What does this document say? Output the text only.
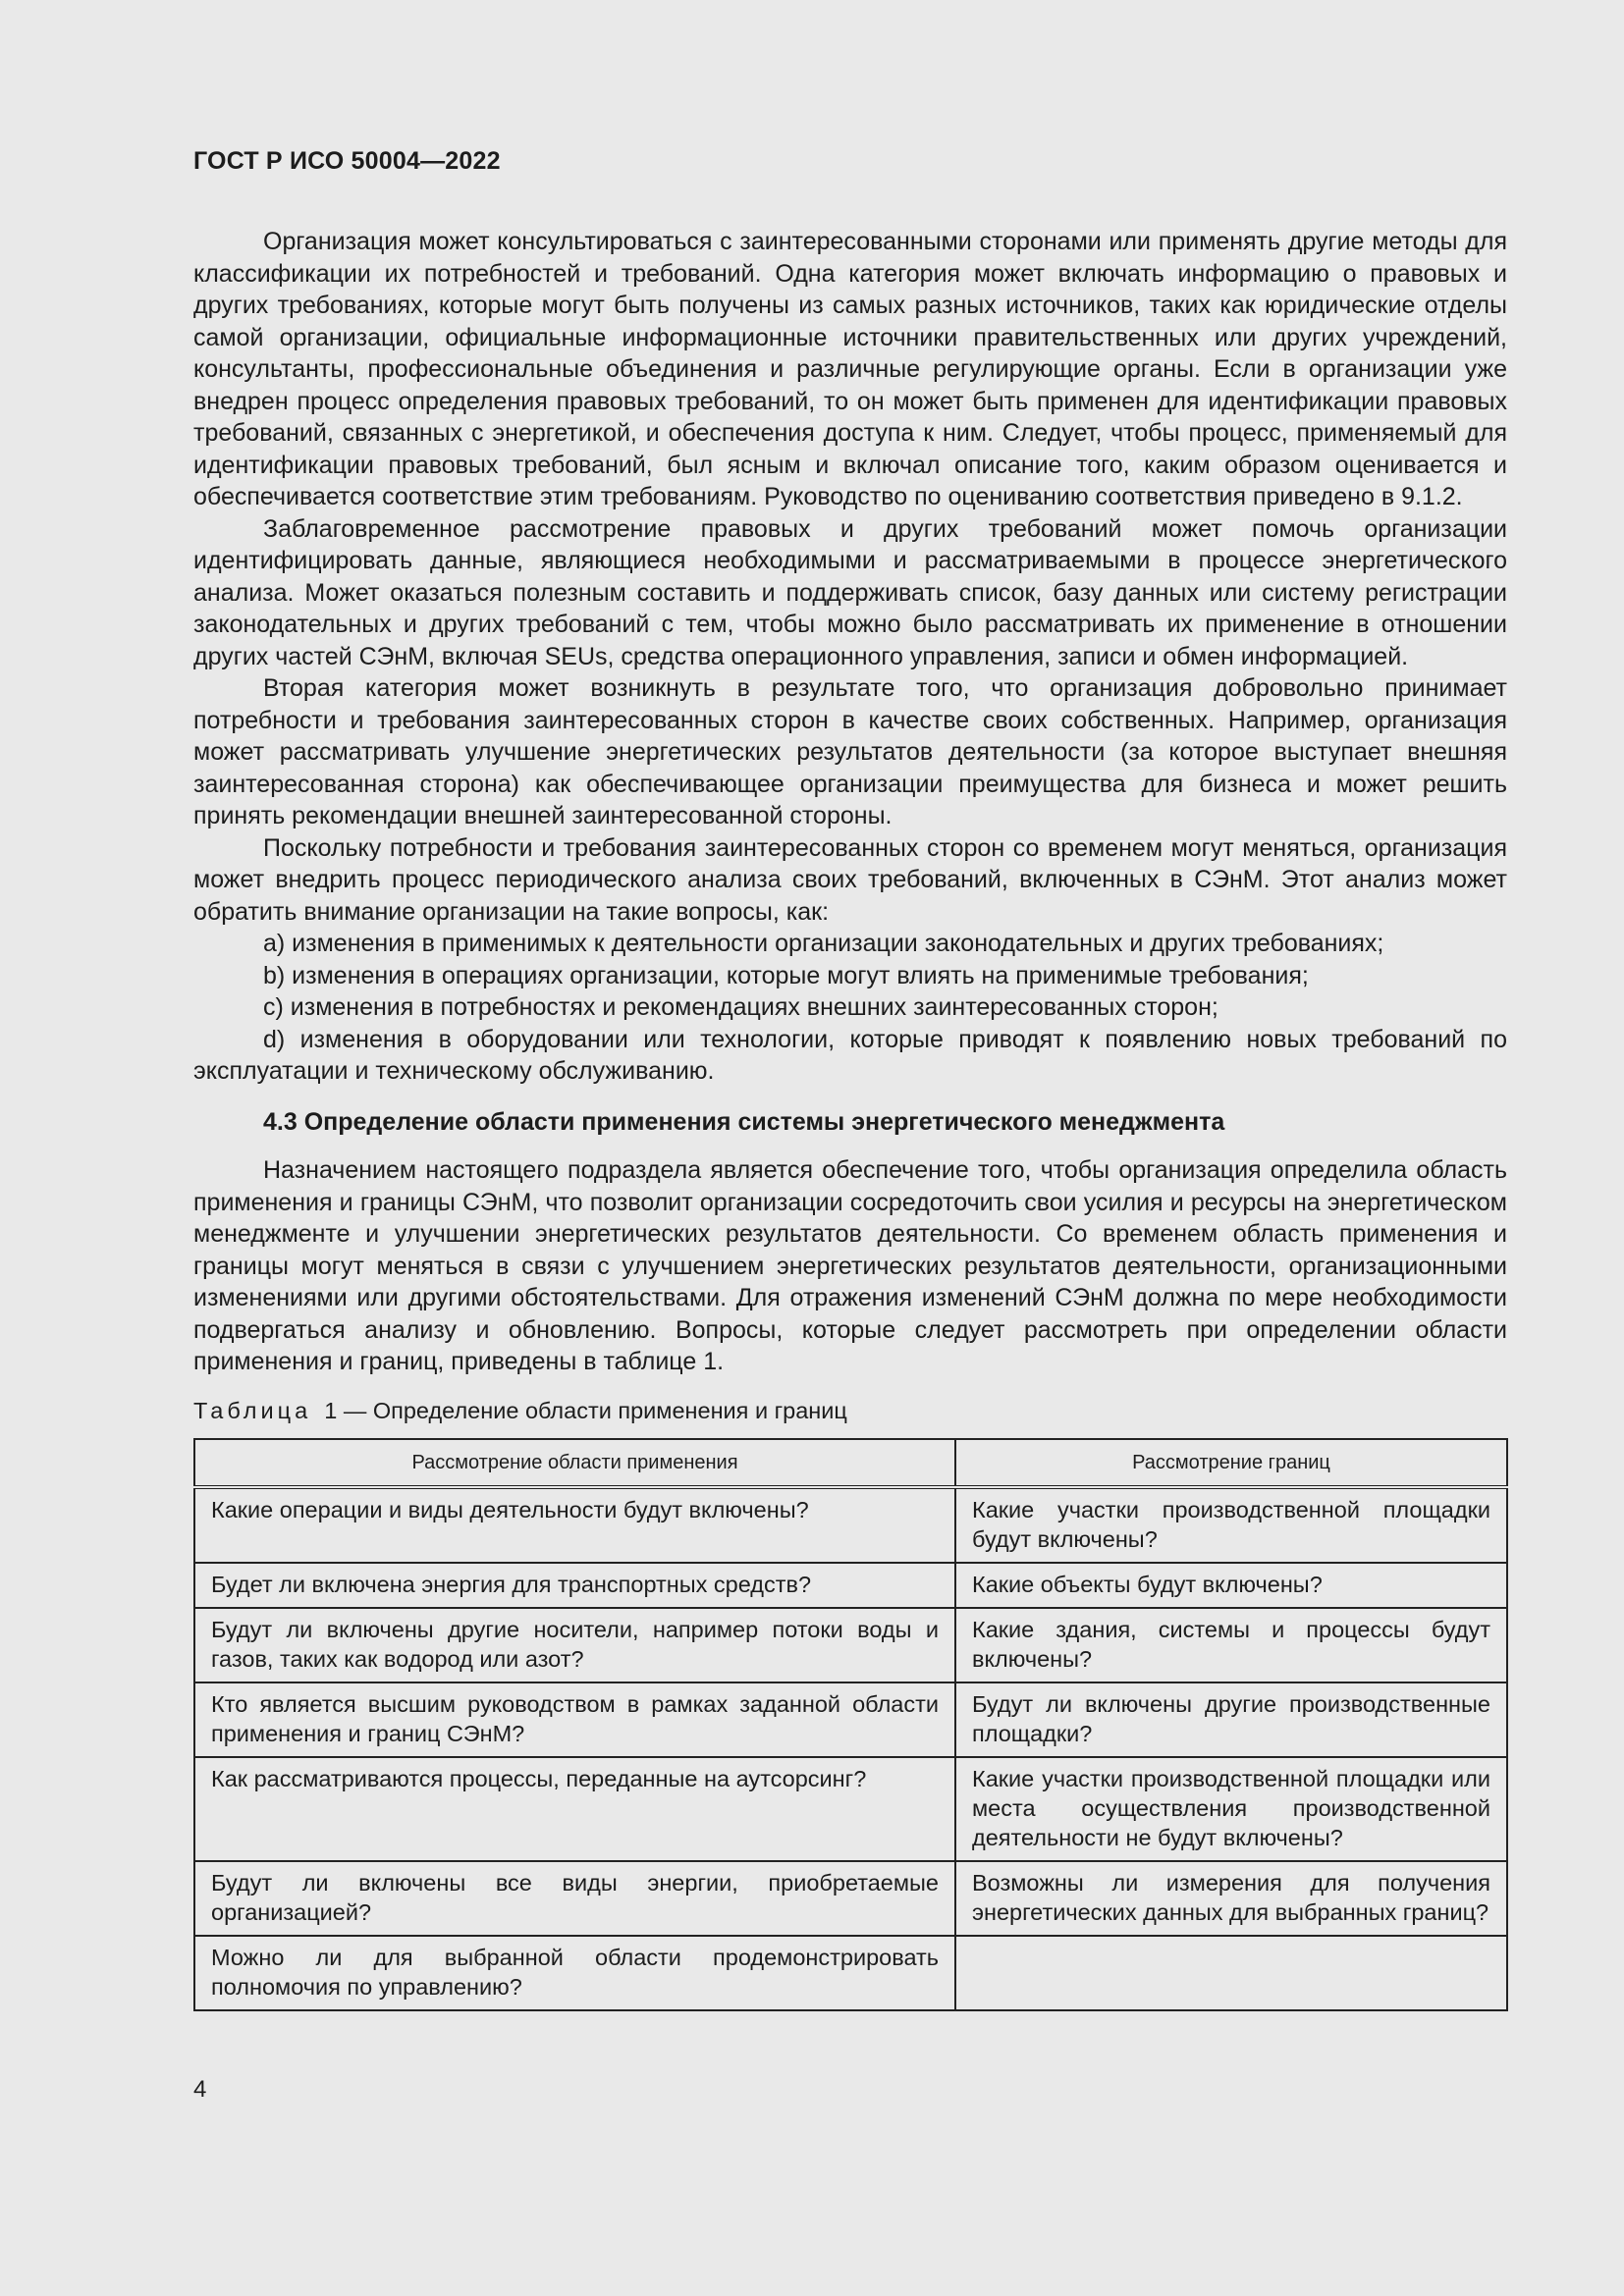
ГОСТ Р ИСО 50004—2022

Организация может консультироваться с заинтересованными сторонами или применять другие методы для классификации их потребностей и требований. Одна категория может включать информацию о правовых и других требованиях, которые могут быть получены из самых разных источников, таких как юридические отделы самой организации, официальные информационные источники правительственных или других учреждений, консультанты, профессиональные объединения и различные регулирующие органы. Если в организации уже внедрен процесс определения правовых требований, то он может быть применен для идентификации правовых требований, связанных с энергетикой, и обеспечения доступа к ним. Следует, чтобы процесс, применяемый для идентификации правовых требований, был ясным и включал описание того, каким образом оценивается и обеспечивается соответствие этим требованиям. Руководство по оцениванию соответствия приведено в 9.1.2.

Заблаговременное рассмотрение правовых и других требований может помочь организации идентифицировать данные, являющиеся необходимыми и рассматриваемыми в процессе энергетического анализа. Может оказаться полезным составить и поддерживать список, базу данных или систему регистрации законодательных и других требований с тем, чтобы можно было рассматривать их применение в отношении других частей СЭнМ, включая SEUs, средства операционного управления, записи и обмен информацией.

Вторая категория может возникнуть в результате того, что организация добровольно принимает потребности и требования заинтересованных сторон в качестве своих собственных. Например, организация может рассматривать улучшение энергетических результатов деятельности (за которое выступает внешняя заинтересованная сторона) как обеспечивающее организации преимущества для бизнеса и может решить принять рекомендации внешней заинтересованной стороны.

Поскольку потребности и требования заинтересованных сторон со временем могут меняться, организация может внедрить процесс периодического анализа своих требований, включенных в СЭнМ. Этот анализ может обратить внимание организации на такие вопросы, как:

a) изменения в применимых к деятельности организации законодательных и других требованиях;

b) изменения в операциях организации, которые могут влиять на применимые требования;

c) изменения в потребностях и рекомендациях внешних заинтересованных сторон;

d) изменения в оборудовании или технологии, которые приводят к появлению новых требований по эксплуатации и техническому обслуживанию.

4.3 Определение области применения системы энергетического менеджмента

Назначением настоящего подраздела является обеспечение того, чтобы организация определила область применения и границы СЭнМ, что позволит организации сосредоточить свои усилия и ресурсы на энергетическом менеджменте и улучшении энергетических результатов деятельности. Со временем область применения и границы могут меняться в связи с улучшением энергетических результатов деятельности, организационными изменениями или другими обстоятельствами. Для отражения изменений СЭнМ должна по мере необходимости подвергаться анализу и обновлению. Вопросы, которые следует рассмотреть при определении области применения и границ, приведены в таблице 1.

Таблица 1 — Определение области применения и границ
Рассмотрение области применения	Рассмотрение границ
Какие операции и виды деятельности будут включены?	Какие участки производственной площадки будут включены?
Будет ли включена энергия для транспортных средств?	Какие объекты будут включены?
Будут ли включены другие носители, например потоки воды и газов, таких как водород или азот?	Какие здания, системы и процессы будут включены?
Кто является высшим руководством в рамках заданной области применения и границ СЭнМ?	Будут ли включены другие производственные площадки?
Как рассматриваются процессы, переданные на аутсорсинг?	Какие участки производственной площадки или места осуществления производственной деятельности не будут включены?
Будут ли включены все виды энергии, приобретаемые организацией?	Возможны ли измерения для получения энергетических данных для выбранных границ?
Можно ли для выбранной области продемонстрировать полномочия по управлению?	
4
